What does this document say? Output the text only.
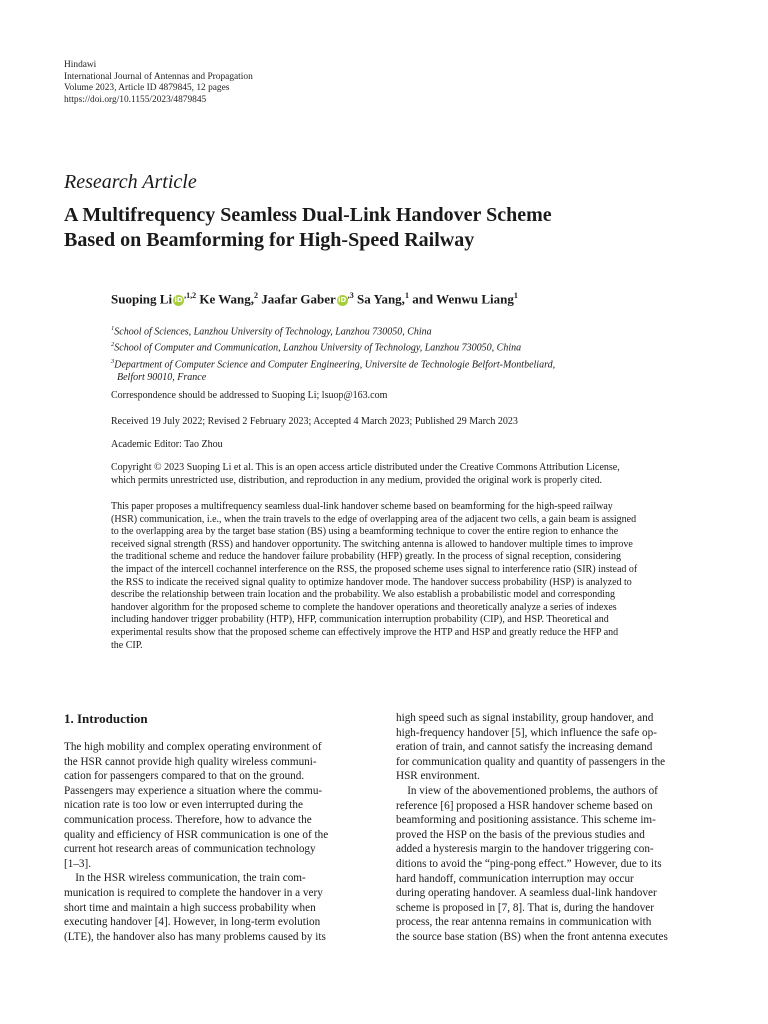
Hindawi
International Journal of Antennas and Propagation
Volume 2023, Article ID 4879845, 12 pages
https://doi.org/10.1155/2023/4879845
Research Article
A Multifrequency Seamless Dual-Link Handover Scheme
Based on Beamforming for High-Speed Railway
Suoping Li $iD^{,1,2}$ Ke Wang,$^2$ Jaafar Gaber $iD^{,3}$ Sa Yang,$^1$ and Wenwu Liang$^1$
$^1$School of Sciences, Lanzhou University of Technology, Lanzhou 730050, China
$^2$School of Computer and Communication, Lanzhou University of Technology, Lanzhou 730050, China
$^3$Department of Computer Science and Computer Engineering, Universite de Technologie Belfort-Montbeliard,
Belfort 90010, France
Correspondence should be addressed to Suoping Li; lsuop@163.com
Received 19 July 2022; Revised 2 February 2023; Accepted 4 March 2023; Published 29 March 2023
Academic Editor: Tao Zhou
Copyright © 2023 Suoping Li et al. This is an open access article distributed under the Creative Commons Attribution License,
which permits unrestricted use, distribution, and reproduction in any medium, provided the original work is properly cited.
This paper proposes a multifrequency seamless dual-link handover scheme based on beamforming for the high-speed railway
(HSR) communication, i.e., when the train travels to the edge of overlapping area of the adjacent two cells, a gain beam is assigned
to the overlapping area by the target base station (BS) using a beamforming technique to cover the entire region to enhance the
received signal strength (RSS) and handover opportunity. The switching antenna is allowed to handover multiple times to improve
the traditional scheme and reduce the handover failure probability (HFP) greatly. In the process of signal reception, considering
the impact of the intercell cochannel interference on the RSS, the proposed scheme uses signal to interference ratio (SIR) instead of
the RSS to indicate the received signal quality to optimize handover mode. The handover success probability (HSP) is analyzed to
describe the relationship between train location and the probability. We also establish a probabilistic model and corresponding
handover algorithm for the proposed scheme to complete the handover operations and theoretically analyze a series of indexes
including handover trigger probability (HTP), HFP, communication interruption probability (CIP), and HSP. Theoretical and
experimental results show that the proposed scheme can effectively improve the HTP and HSP and greatly reduce the HFP and
the CIP.
1. Introduction
The high mobility and complex operating environment of
the HSR cannot provide high quality wireless communi-
cation for passengers compared to that on the ground.
Passengers may experience a situation where the commu-
nication rate is too low or even interrupted during the
communication process. Therefore, how to advance the
quality and efficiency of HSR communication is one of the
current hot research areas of communication technology
[1–3].
In the HSR wireless communication, the train com-
munication is required to complete the handover in a very
short time and maintain a high success probability when
executing handover [4]. However, in long-term evolution
(LTE), the handover also has many problems caused by its
high speed such as signal instability, group handover, and
high-frequency handover [5], which influence the safe op-
eration of train, and cannot satisfy the increasing demand
for communication quality and quantity of passengers in the
HSR environment.
In view of the abovementioned problems, the authors of
reference [6] proposed a HSR handover scheme based on
beamforming and positioning assistance. This scheme im-
proved the HSP on the basis of the previous studies and
added a hysteresis margin to the handover triggering con-
ditions to avoid the “ping-pong effect.” However, due to its
hard handoff, communication interruption may occur
during operating handover. A seamless dual-link handover
scheme is proposed in [7, 8]. That is, during the handover
process, the rear antenna remains in communication with
the source base station (BS) when the front antenna executes
